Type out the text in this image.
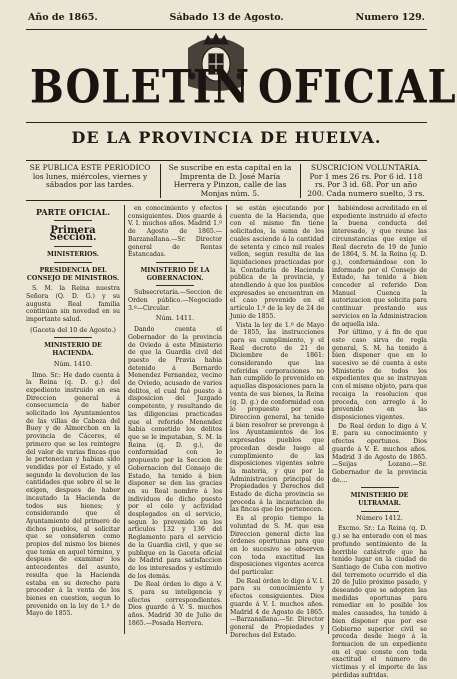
Año de 1865.	Sábado 13 de Agosto.	Numero 129.
BOLETIN OFICIAL
DE LA PROVINCIA DE HUELVA.
SE PUBLICA ESTE PERIODICO los lunes, miércoles, viernes y sábados por las tardes.
Se suscribe en esta capital en la Imprenta de D. José María Herrera y Pinzon, calle de las Monjas núm. 5.
SUSCRICION VOLUNTARIA. Por 1 mes 26 rs. Por 6 id. 118 rs. Por 3 id. 68. Por un año 200. Cada numero suelto, 3 rs.
PARTE OFICIAL.
Primera Seccion.
MINISTERIOS.
PRESIDENCIA DEL CONSEJO DE MINISTROS.

S. M. la Reina nuestra Señora (Q. D. G.) y su augusta Real familia continúan sin novedad en su importante salud.

(Gaceta del 10 de Agosto.)
MINISTERIO DE HACIENDA.
Núm. 1410.

Ilmo. Sr.: He dado cuenta á la Reina (q. D. g.) del expediente instruido en esa Direccion general á consecuencia de haber solicitado los Ayuntamientos de las villas de Cabeza del Buey y de Almorchon en la provincia de Cáceres, el primero que se les reintegre del valor de varias fincas que le pertenecian y habian sido vendidas por el Estado, y el segundo la devolucion de las cantidades que sobre él se le exigen, despues de haber incautado la Hacienda de todos sus bienes; y considerando que el Ayuntamiento del primero de dichos pueblos, al solicitar que se consideren como propios del mismo los bienes que tenia en aquel término, y despues de examinar los antecedentes del asunto, resulta que la Hacienda estaba en su derecho para proceder á la venta de los bienes en cuestion, segun lo prevenido en la ley de 1.º de Mayo de 1855.

en conocimiento y efectos consiguientes. Dios guarde á V. I. muchos años. Madrid 1.º de Agosto de 1865.—Barzanallana.—Sr. Director general de Rentas Estancadas.

MINISTERIO DE LA GOBERNACION.

Subsecretaría.—Seccion de Orden público.—Negociado 3.º—Circular.

Núm. 1411.

Dando cuenta el Gobernador de la provincia de Oviedo á este Ministerio de que la Guardia civil del puesto de Pravia habia detenido á Bernardo Menendez Fernandez, vecino de Oviedo, acusado de varios delitos, el cual fué puesto á disposicion del Juzgado competente, y resultando de las diligencias practicadas que el referido Menendez habia cometido los delitos que se le imputaban, S. M. la Reina (q. D. g.), de conformidad con lo propuesto por la Seccion de Gobernacion del Consejo de Estado, ha tenido á bien disponer se den las gracias en su Real nombre á los individuos de dicho puesto por el celo y actividad desplegados en el servicio, segun lo prevenido en los artículos 132 y 136 del Reglamento para el servicio de la Guardia civil, y que se publique en la Gaceta oficial de Madrid para satisfaccion de los interesados y estímulo de los demás.

De Real órden lo digo á V. S. para su inteligencia y efectos correspondientes. Dios guarde á V. S. muchos años. Madrid 30 de Julio de 1865.—Posada Herrera.

se están ejecutando por cuenta de la Hacienda, que con el mismo fin tiene solicitados, la suma de los cuales asciende á la cantidad de setenta y cinco mil reales vellon, segun resulta de las liquidaciones practicadas por la Contaduría de Hacienda pública de la provincia, y atendiendo á que los pueblos expresados se encuentran en el caso prevenido en el artículo 1.º de la ley de 24 de Junio de 1855.

Vista la ley de 1.º de Mayo de 1855, las instrucciones para su cumplimiento, y el Real decreto de 21 de Diciembre de 1861: considerando que las referidas corporaciones no han cumplido lo prevenido en aquellas disposiciones para la venta de sus bienes, la Reina (q. D. g.) de conformidad con lo propuesto por esa Direccion general, ha tenido á bien resolver se prevenga á los Ayuntamientos de los expresados pueblos que procedan desde luego al cumplimiento de las disposiciones vigentes sobre la materia, y que por la Administracion principal de Propiedades y Derechos del Estado de dicha provincia se proceda á la incautacion de las fincas que les pertenecen.

Es al propio tiempo la voluntad de S. M. que esa Direccion general dicte las órdenes oportunas para que en lo sucesivo se observen con toda exactitud las disposiciones vigentes acerca del particular.

De Real órden lo digo á V. I. para su conocimiento y efectos consiguientes. Dios guarde á V. I. muchos años. Madrid 4 de Agosto de 1865.—Barzanallana.—Sr. Director general de Propiedades y Derechos del Estado.

habiéndose acreditado en el expediente instruido al efecto la buena conducta del interesado, y que reune las circunstancias que exige el Real decreto de 19 de Junio de 1864, S. M. la Reina (q. D. g.), conformándose con lo informado por el Consejo de Estado, ha tenido á bien conceder al referido Don Manuel Cuenca la autorizacion que solicita para continuar prestando sus servicios en la Administracion de aquella isla.

Por último, y á fin de que este caso sirva de regla general, S. M. ha tenido á bien disponer que en lo sucesivo se dé cuenta á este Ministerio de todos los expedientes que se instruyan con el mismo objeto, para que recaiga la resolucion que proceda, con arreglo á lo prevenido en las disposiciones vigentes.

De Real órden lo digo á V. E. para su conocimiento y efectos oportunos. Dios guarde á V. E. muchos años. Madrid 3 de Agosto de 1865.—Seijas Lozano.—Sr. Gobernador de la provincia de....

MINISTERIO DE ULTRAMAR.
Número 1412.

Excmo. Sr.: La Reina (q. D. g.) se ha enterado con el mas profundo sentimiento de la horrible catástrofe que ha tenido lugar en la ciudad de Santiago de Cuba con motivo del terremoto ocurrido el dia 20 de Julio próximo pasado, y deseando que se adopten las medidas oportunas para remediar en lo posible los males causados, ha tenido á bien disponer que por ese Gobierno superior civil se proceda desde luego á la formacion de un expediente en el que conste con toda exactitud el número de víctimas y el importe de las pérdidas sufridas.
